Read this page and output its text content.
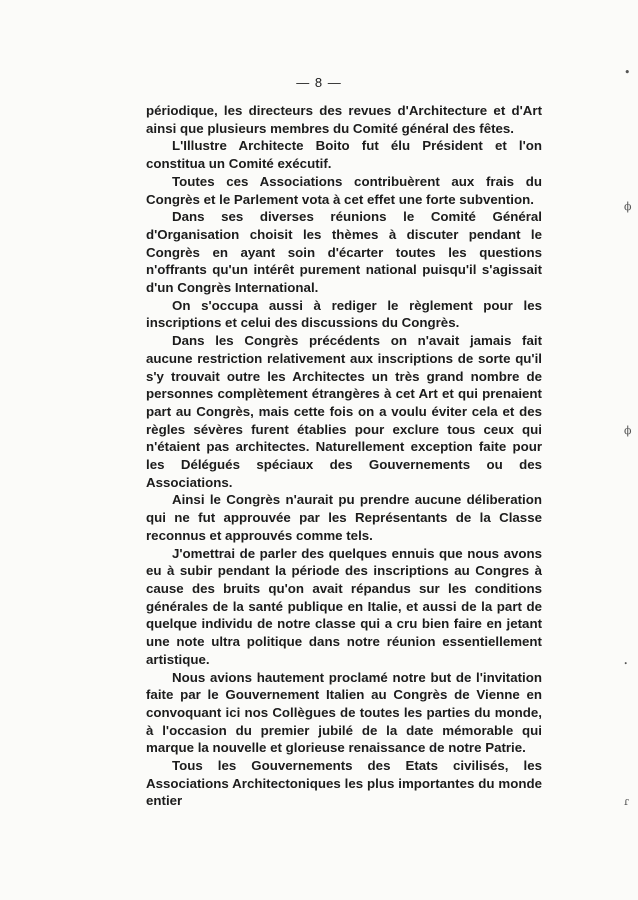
— 8 —

périodique, les directeurs des revues d'Architecture et d'Art ainsi que plusieurs membres du Comité général des fêtes.

L'Illustre Architecte Boito fut élu Président et l'on constitua un Comité exécutif.

Toutes ces Associations contribuèrent aux frais du Congrès et le Parlement vota à cet effet une forte subvention.

Dans ses diverses réunions le Comité Général d'Organisation choisit les thèmes à discuter pendant le Congrès en ayant soin d'écarter toutes les questions n'offrants qu'un intérêt purement national puisqu'il s'agissait d'un Congrès International.

On s'occupa aussi à rediger le règlement pour les inscriptions et celui des discussions du Congrès.

Dans les Congrès précédents on n'avait jamais fait aucune restriction relativement aux inscriptions de sorte qu'il s'y trouvait outre les Architectes un très grand nombre de personnes complètement étrangères à cet Art et qui prenaient part au Congrès, mais cette fois on a voulu éviter cela et des règles sévères furent établies pour exclure tous ceux qui n'étaient pas architectes. Naturellement exception faite pour les Délégués spéciaux des Gouvernements ou des Associations.

Ainsi le Congrès n'aurait pu prendre aucune déliberation qui ne fut approuvée par les Représentants de la Classe reconnus et approuvés comme tels.

J'omettrai de parler des quelques ennuis que nous avons eu à subir pendant la période des inscriptions au Congres à cause des bruits qu'on avait répandus sur les conditions générales de la santé publique en Italie, et aussi de la part de quelque individu de notre classe qui a cru bien faire en jetant une note ultra politique dans notre réunion essentiellement artistique.

Nous avions hautement proclamé notre but de l'invitation faite par le Gouvernement Italien au Congrès de Vienne en convoquant ici nos Collègues de toutes les parties du monde, à l'occasion du premier jubilé de la date mémorable qui marque la nouvelle et glorieuse renaissance de notre Patrie.

Tous les Gouvernements des Etats civilisés, les Associations Architectoniques les plus importantes du monde entier

•
ϕ
ϕ
ꞏ
ɾ
